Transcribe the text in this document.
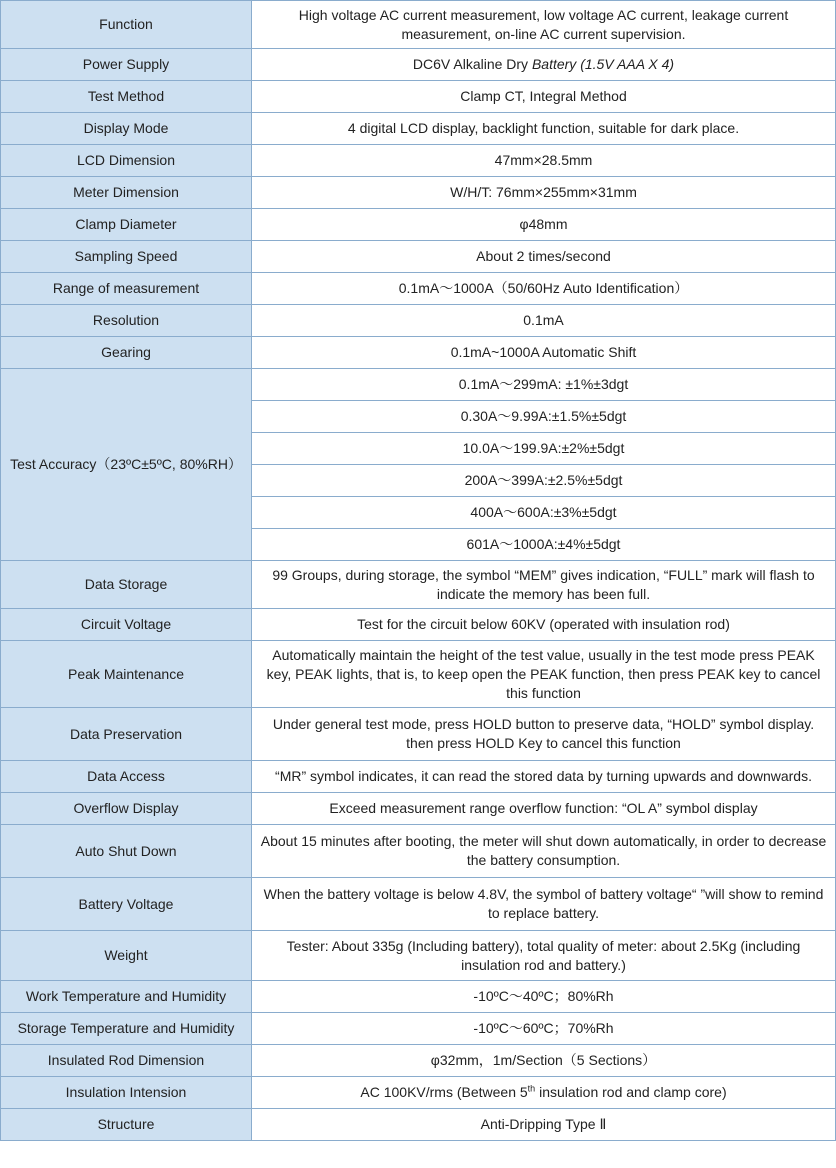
Function	High voltage AC current measurement, low voltage AC current, leakage current measurement, on-line AC current supervision.
Power Supply	DC6V Alkaline Dry Battery (1.5V AAA X 4)
Test Method	Clamp CT, Integral Method
Display Mode	4 digital LCD display, backlight function, suitable for dark place.
LCD Dimension	47mm×28.5mm
Meter Dimension	W/H/T: 76mm×255mm×31mm
Clamp Diameter	φ48mm
Sampling Speed	About 2 times/second
Range of measurement	0.1mA～1000A（50/60Hz Auto Identification）
Resolution	0.1mA
Gearing	0.1mA~1000A Automatic Shift
Test Accuracy（23ºC±5ºC, 80%RH）	0.1mA～299mA: ±1%±3dgt
	0.30A～9.99A:±1.5%±5dgt
	10.0A～199.9A:±2%±5dgt
	200A～399A:±2.5%±5dgt
	400A～600A:±3%±5dgt
	601A～1000A:±4%±5dgt
Data Storage	99 Groups, during storage, the symbol “MEM” gives indication, “FULL” mark will flash to indicate the memory has been full.
Circuit Voltage	Test for the circuit below 60KV (operated with insulation rod)
Peak Maintenance	Automatically maintain the height of the test value, usually in the test mode press PEAK key, PEAK lights, that is, to keep open the PEAK function, then press PEAK key to cancel this function
Data Preservation	Under general test mode, press HOLD button to preserve data, “HOLD” symbol display. then press HOLD Key to cancel this function
Data Access	“MR” symbol indicates, it can read the stored data by turning upwards and downwards.
Overflow Display	Exceed measurement range overflow function: “OL A” symbol display
Auto Shut Down	About 15 minutes after booting, the meter will shut down automatically, in order to decrease the battery consumption.
Battery Voltage	When the battery voltage is below 4.8V, the symbol of battery voltage“ ”will show to remind to replace battery.
Weight	Tester: About 335g (Including battery), total quality of meter: about 2.5Kg (including insulation rod and battery.)
Work Temperature and Humidity	-10ºC～40ºC；80%Rh
Storage Temperature and Humidity	-10ºC～60ºC；70%Rh
Insulated Rod Dimension	φ32mm，1m/Section（5 Sections）
Insulation Intension	AC 100KV/rms (Between 5th insulation rod and clamp core)
Structure	Anti-Dripping Type Ⅱ
